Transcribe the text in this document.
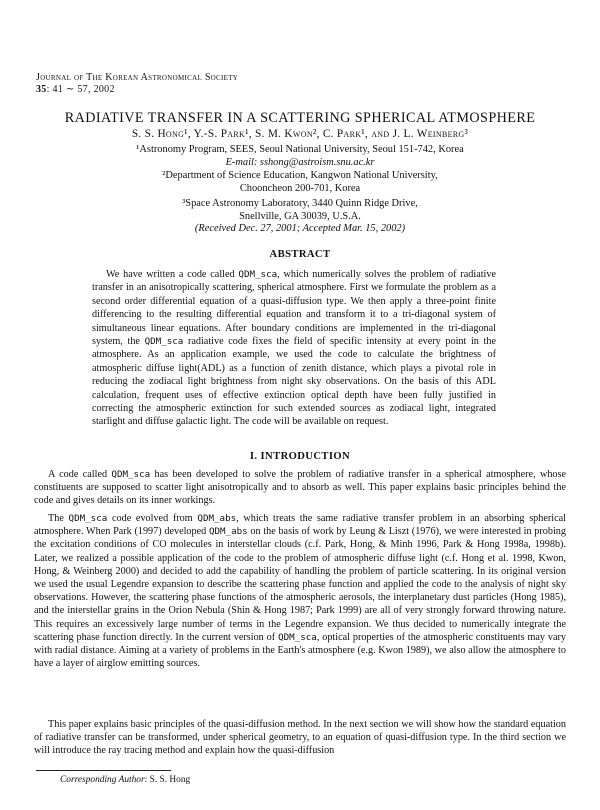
Journal of The Korean Astronomical Society
35: 41 ∼ 57, 2002
RADIATIVE TRANSFER IN A SCATTERING SPHERICAL ATMOSPHERE
S. S. Hong¹, Y.-S. Park¹, S. M. Kwon², C. Park¹, and J. L. Weinberg³
¹Astronomy Program, SEES, Seoul National University, Seoul 151-742, Korea
E-mail: sshong@astroism.snu.ac.kr
²Department of Science Education, Kangwon National University,
Chooncheon 200-701, Korea
³Space Astronomy Laboratory, 3440 Quinn Ridge Drive,
Snellville, GA 30039, U.S.A.
(Received Dec. 27, 2001; Accepted Mar. 15, 2002)
ABSTRACT
We have written a code called QDM_sca, which numerically solves the problem of radiative transfer in an anisotropically scattering, spherical atmosphere. First we formulate the problem as a second order differential equation of a quasi-diffusion type. We then apply a three-point finite differencing to the resulting differential equation and transform it to a tri-diagonal system of simultaneous linear equations. After boundary conditions are implemented in the tri-diagonal system, the QDM_sca radiative code fixes the field of specific intensity at every point in the atmosphere. As an application example, we used the code to calculate the brightness of atmospheric diffuse light(ADL) as a function of zenith distance, which plays a pivotal role in reducing the zodiacal light brightness from night sky observations. On the basis of this ADL calculation, frequent uses of effective extinction optical depth have been fully justified in correcting the atmospheric extinction for such extended sources as zodiacal light, integrated starlight and diffuse galactic light. The code will be available on request.
I. INTRODUCTION
A code called QDM_sca has been developed to solve the problem of radiative transfer in a spherical atmosphere, whose constituents are supposed to scatter light anisotropically and to absorb as well. This paper explains basic principles behind the code and gives details on its inner workings.
The QDM_sca code evolved from QDM_abs, which treats the same radiative transfer problem in an absorbing spherical atmosphere. When Park (1997) developed QDM_abs on the basis of work by Leung & Liszt (1976), we were interested in probing the excitation conditions of CO molecules in interstellar clouds (c.f. Park, Hong, & Minh 1996, Park & Hong 1998a, 1998b). Later, we realized a possible application of the code to the problem of atmospheric diffuse light (c.f. Hong et al. 1998, Kwon, Hong, & Weinberg 2000) and decided to add the capability of handling the problem of particle scattering. In its original version we used the usual Legendre expansion to describe the scattering phase function and applied the code to the analysis of night sky observations. However, the scattering phase functions of the atmospheric aerosols, the interplanetary dust particles (Hong 1985), and the interstellar grains in the Orion Nebula (Shin & Hong 1987; Park 1999) are all of very strongly forward throwing nature. This requires an excessively large number of terms in the Legendre expansion. We thus decided to numerically integrate the scattering phase function directly. In the current version of QDM_sca, optical properties of the atmospheric constituents may vary with radial distance. Aiming at a variety of problems in the Earth's atmosphere (e.g. Kwon 1989), we also allow the atmosphere to have a layer of airglow emitting sources.
This paper explains basic principles of the quasi-diffusion method. In the next section we will show how the standard equation of radiative transfer can be transformed, under spherical geometry, to an equation of quasi-diffusion type. In the third section we will introduce the ray tracing method and explain how the quasi-diffusion
Corresponding Author: S. S. Hong
